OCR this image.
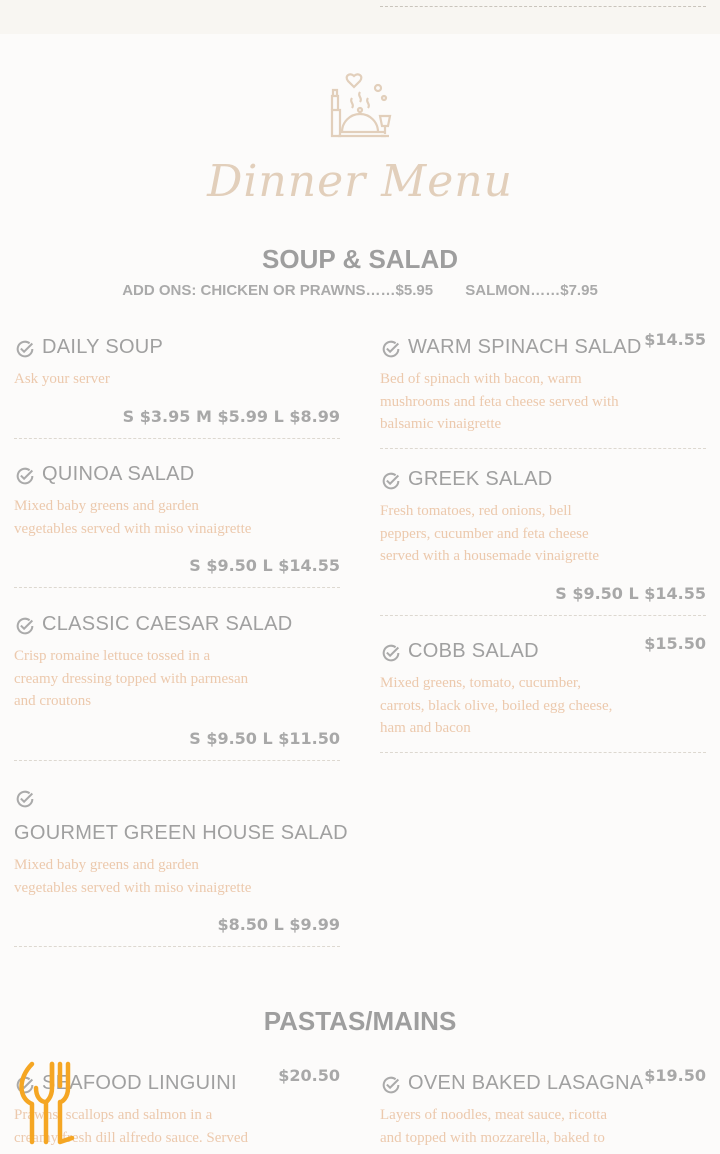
Dinner Menu
SOUP & SALAD
ADD ONS: CHICKEN OR PRAWNS……$5.95 SALMON……$7.95
DAILY SOUP
Ask your server
S $3.95 M $5.99 L $8.99
QUINOA SALAD
Mixed baby greens and garden vegetables served with miso vinaigrette
S $9.50 L $14.55
CLASSIC CAESAR SALAD
Crisp romaine lettuce tossed in a creamy dressing topped with parmesan and croutons
S $9.50 L $11.50
GOURMET GREEN HOUSE SALAD
Mixed baby greens and garden vegetables served with miso vinaigrette
$8.50 L $9.99
WARM SPINACH SALAD $14.55
Bed of spinach with bacon, warm mushrooms and feta cheese served with balsamic vinaigrette
GREEK SALAD
Fresh tomatoes, red onions, bell peppers, cucumber and feta cheese served with a housemade vinaigrette
S $9.50 L $14.55
COBB SALAD	$15.50
Mixed greens, tomato, cucumber, carrots, black olive, boiled egg cheese, ham and bacon
PASTAS/MAINS
SEAFOOD LINGUINI	$20.50
Prawns, scallops and salmon in a creamy fresh dill alfredo sauce. Served
OVEN BAKED LASAGNA $19.50
Layers of noodles, meat sauce, ricotta and topped with mozzarella, baked to
